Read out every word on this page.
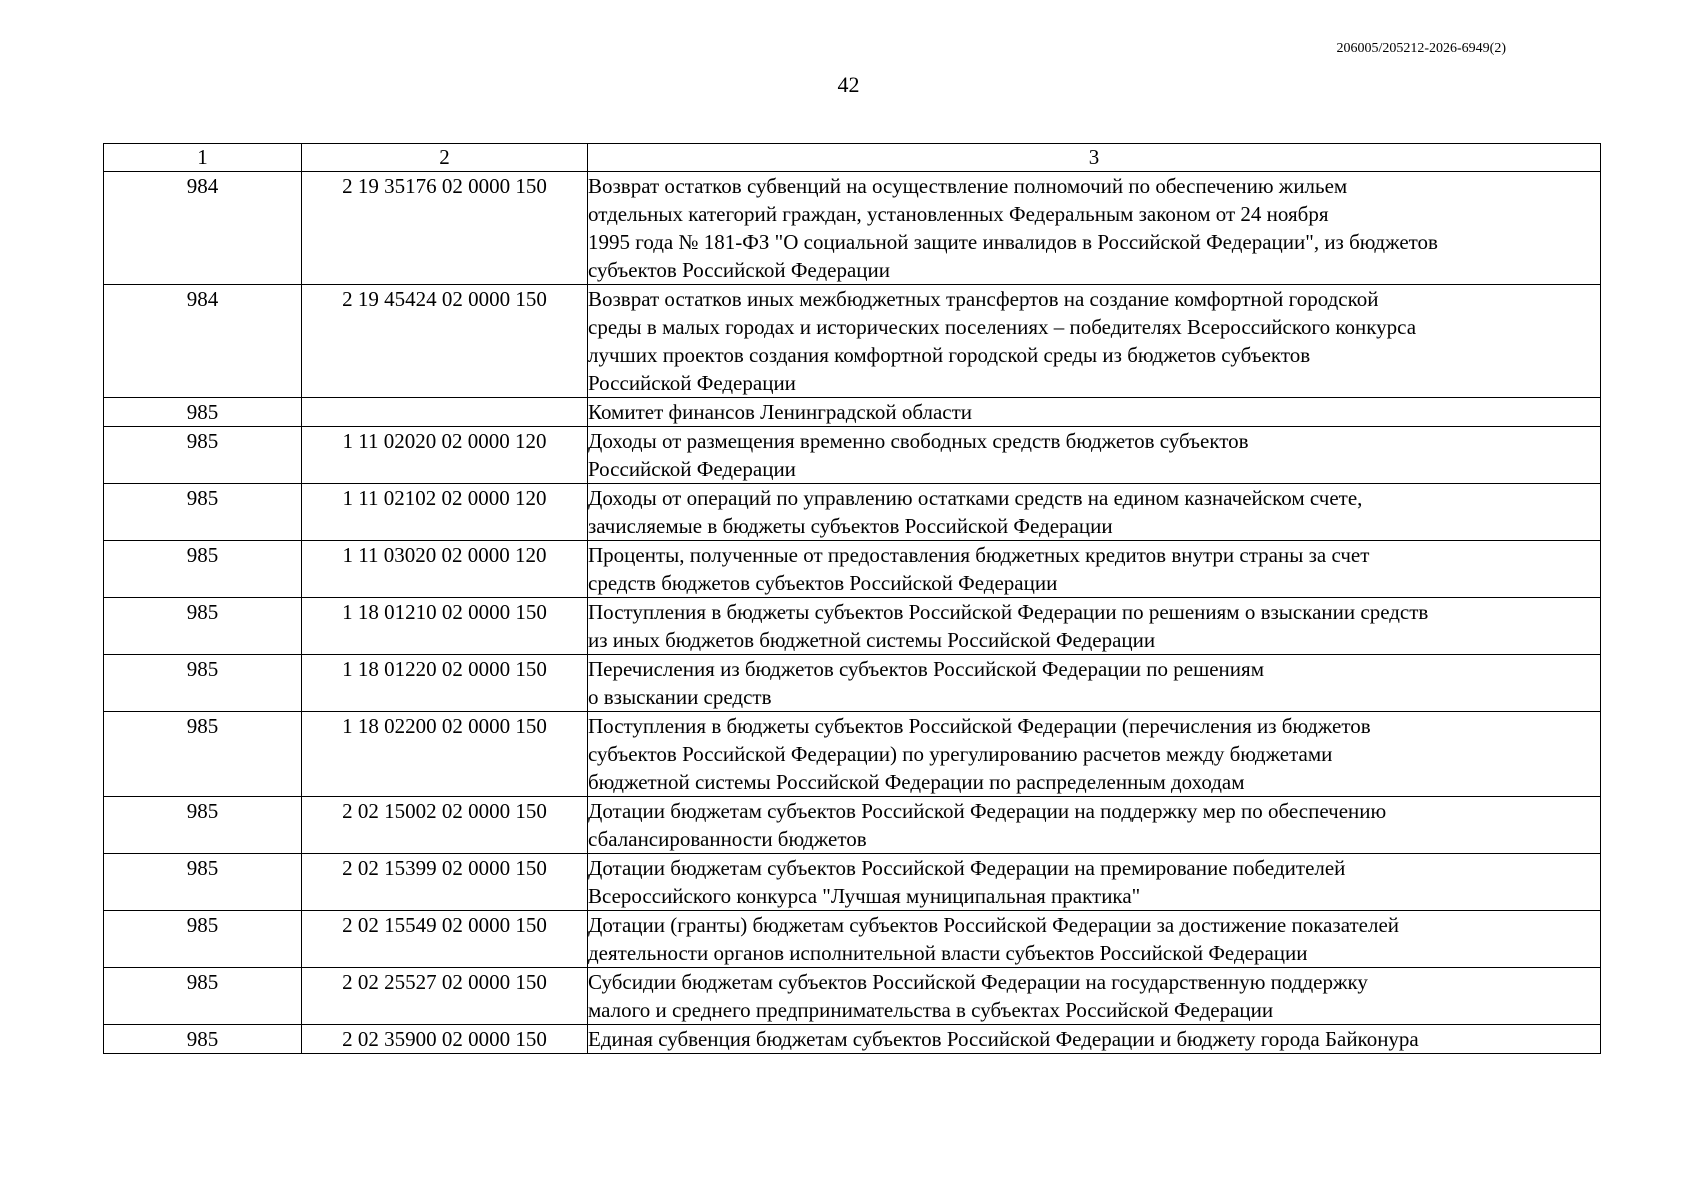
206005/205212-2026-6949(2)
42
1	2	3
984	2 19 35176 02 0000 150	Возврат остатков субвенций на осуществление полномочий по обеспечению жильем
отдельных категорий граждан, установленных Федеральным законом от 24 ноября
1995 года № 181-ФЗ "О социальной защите инвалидов в Российской Федерации", из бюджетов
субъектов Российской Федерации

984	2 19 45424 02 0000 150	Возврат остатков иных межбюджетных трансфертов на создание комфортной городской
среды в малых городах и исторических поселениях – победителях Всероссийского конкурса
лучших проектов создания комфортной городской среды из бюджетов субъектов
Российской Федерации

985		Комитет финансов Ленинградской области

985	1 11 02020 02 0000 120	Доходы от размещения временно свободных средств бюджетов субъектов
Российской Федерации

985	1 11 02102 02 0000 120	Доходы от операций по управлению остатками средств на едином казначейском счете,
зачисляемые в бюджеты субъектов Российской Федерации

985	1 11 03020 02 0000 120	Проценты, полученные от предоставления бюджетных кредитов внутри страны за счет
средств бюджетов субъектов Российской Федерации

985	1 18 01210 02 0000 150	Поступления в бюджеты субъектов Российской Федерации по решениям о взыскании средств
из иных бюджетов бюджетной системы Российской Федерации

985	1 18 01220 02 0000 150	Перечисления из бюджетов субъектов Российской Федерации по решениям
о взыскании средств

985	1 18 02200 02 0000 150	Поступления в бюджеты субъектов Российской Федерации (перечисления из бюджетов
субъектов Российской Федерации) по урегулированию расчетов между бюджетами
бюджетной системы Российской Федерации по распределенным доходам

985	2 02 15002 02 0000 150	Дотации бюджетам субъектов Российской Федерации на поддержку мер по обеспечению
сбалансированности бюджетов

985	2 02 15399 02 0000 150	Дотации бюджетам субъектов Российской Федерации на премирование победителей
Всероссийского конкурса "Лучшая муниципальная практика"

985	2 02 15549 02 0000 150	Дотации (гранты) бюджетам субъектов Российской Федерации за достижение показателей
деятельности органов исполнительной власти субъектов Российской Федерации

985	2 02 25527 02 0000 150	Субсидии бюджетам субъектов Российской Федерации на государственную поддержку
малого и среднего предпринимательства в субъектах Российской Федерации

985	2 02 35900 02 0000 150	Единая субвенция бюджетам субъектов Российской Федерации и бюджету города Байконура
